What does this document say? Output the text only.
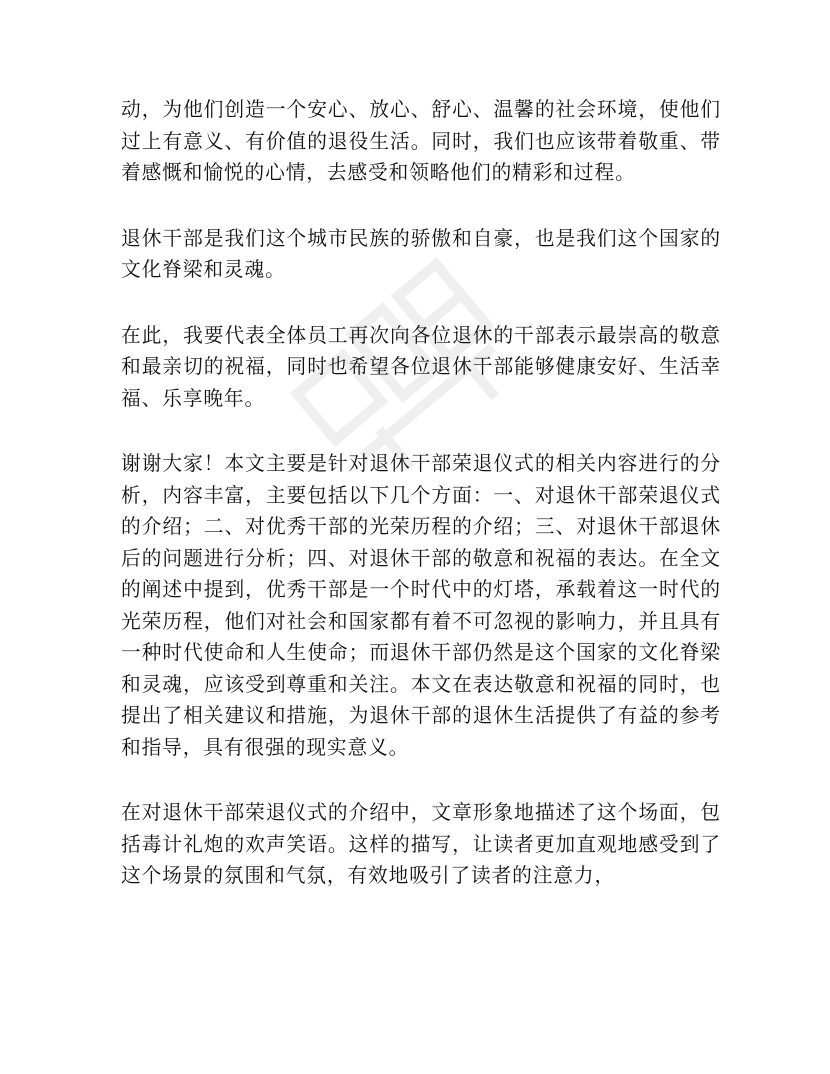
动，为他们创造一个安心、放心、舒心、温馨的社会环境，使他们过上有意义、有价值的退役生活。同时，我们也应该带着敬重、带着感慨和愉悦的心情，去感受和领略他们的精彩和过程。

退休干部是我们这个城市民族的骄傲和自豪，也是我们这个国家的文化脊梁和灵魂。

在此，我要代表全体员工再次向各位退休的干部表示最崇高的敬意和最亲切的祝福，同时也希望各位退休干部能够健康安好、生活幸福、乐享晚年。

谢谢大家！本文主要是针对退休干部荣退仪式的相关内容进行的分析，内容丰富，主要包括以下几个方面：一、对退休干部荣退仪式的介绍；二、对优秀干部的光荣历程的介绍；三、对退休干部退休后的问题进行分析；四、对退休干部的敬意和祝福的表达。在全文的阐述中提到，优秀干部是一个时代中的灯塔，承载着这一时代的光荣历程，他们对社会和国家都有着不可忽视的影响力，并且具有一种时代使命和人生使命；而退休干部仍然是这个国家的文化脊梁和灵魂，应该受到尊重和关注。本文在表达敬意和祝福的同时，也提出了相关建议和措施，为退休干部的退休生活提供了有益的参考和指导，具有很强的现实意义。

在对退休干部荣退仪式的介绍中，文章形象地描述了这个场面，包括毒计礼炮的欢声笑语。这样的描写，让读者更加直观地感受到了这个场景的氛围和气氛，有效地吸引了读者的注意力，
